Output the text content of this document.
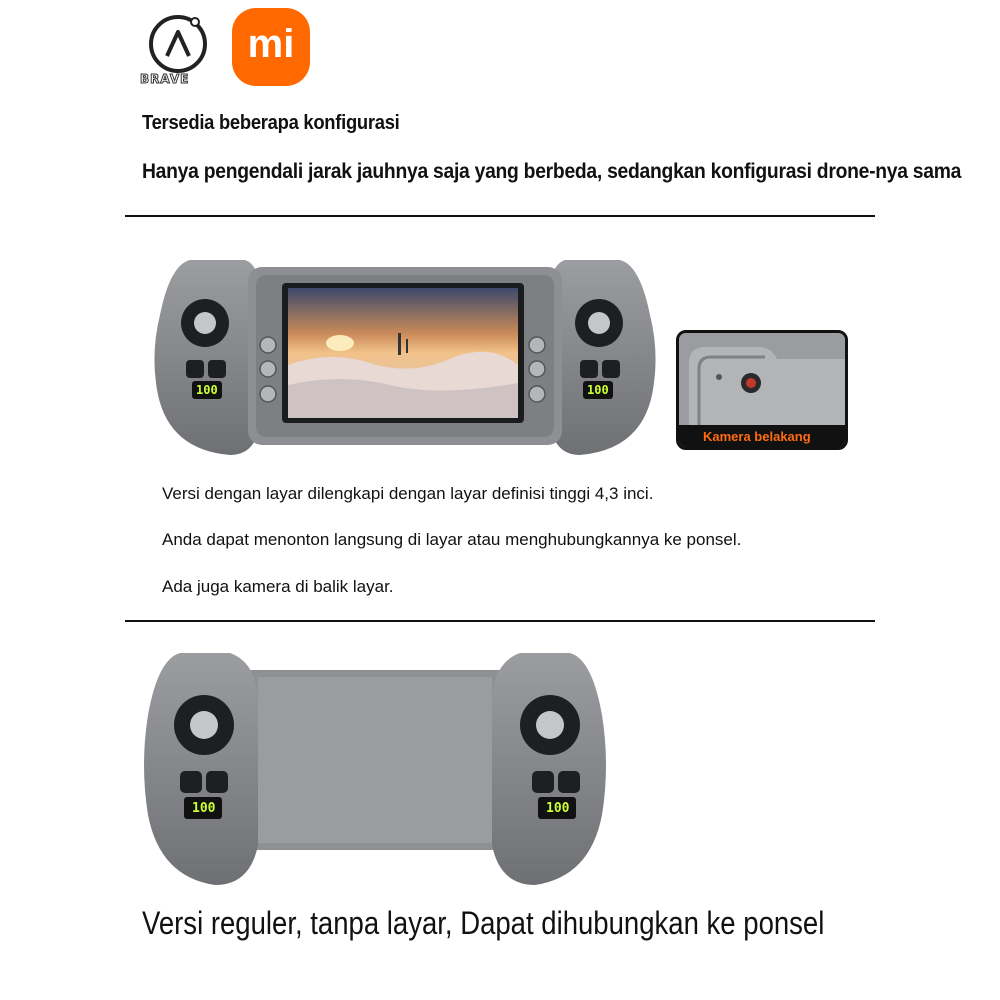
BRAVE
mi
Tersedia beberapa konfigurasi
Hanya pengendali jarak jauhnya saja yang berbeda, sedangkan konfigurasi drone-nya sama
100	100
Kamera belakang
Versi dengan layar dilengkapi dengan layar definisi tinggi 4,3 inci.
Anda dapat menonton langsung di layar atau menghubungkannya ke ponsel.
Ada juga kamera di balik layar.
100	100
Versi reguler, tanpa layar, Dapat dihubungkan ke ponsel
